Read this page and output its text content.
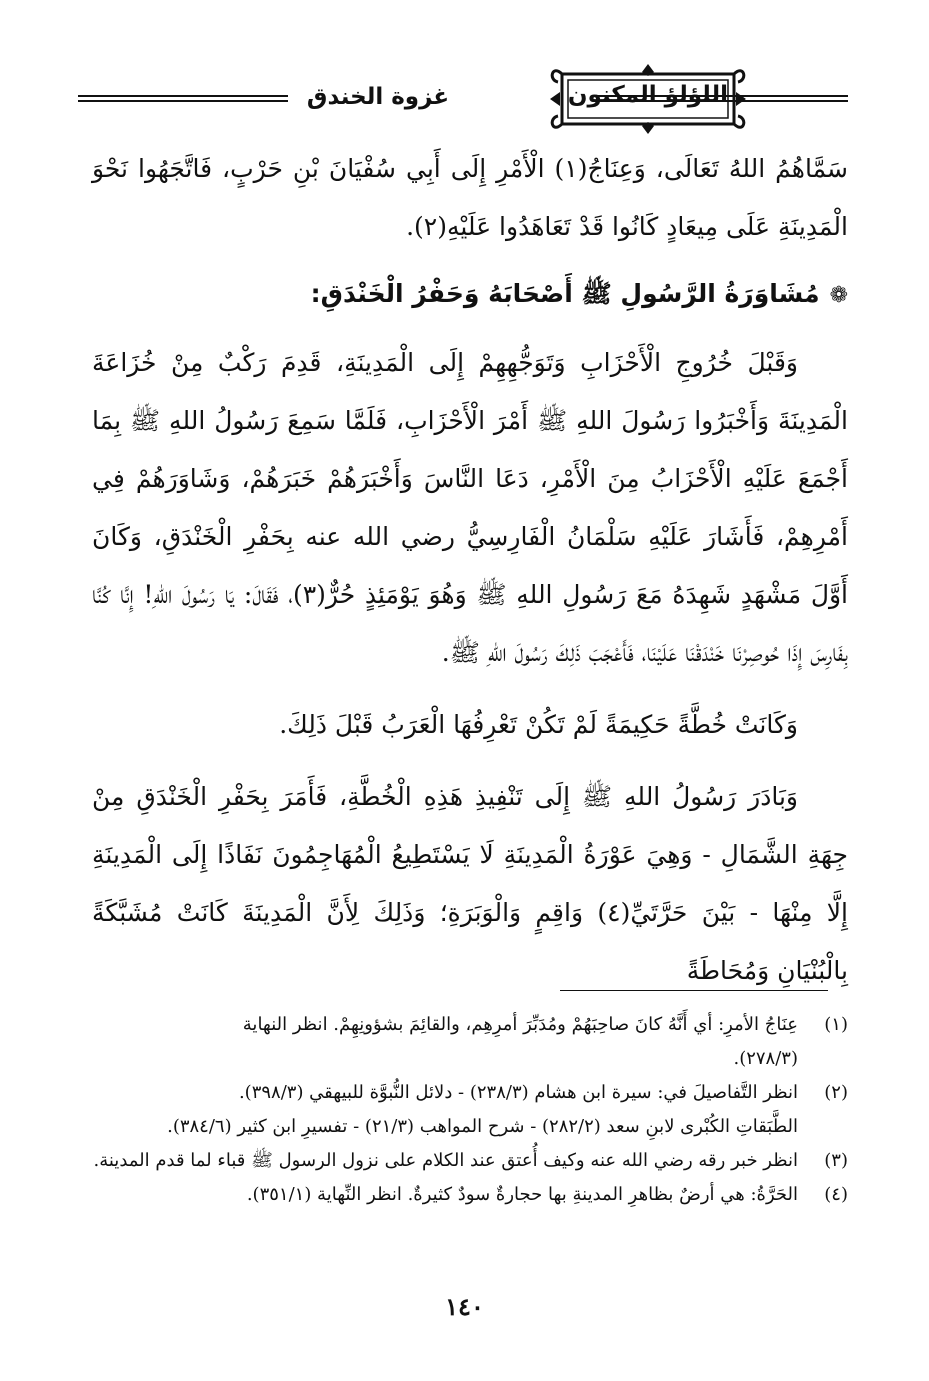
اللؤلؤ المكنون
غزوة الخندق

سَمَّاهُمُ اللهُ تَعَالَى، وَعِنَاجُ(١) الْأَمْرِ إِلَى أَبِي سُفْيَانَ بْنِ حَرْبٍ، فَاتَّجَهُوا نَحْوَ الْمَدِينَةِ عَلَى مِيعَادٍ كَانُوا قَدْ تَعَاهَدُوا عَلَيْهِ(٢).

❁مُشَاوَرَةُ الرَّسُولِ ﷺ أَصْحَابَهُ وَحَفْرُ الْخَنْدَقِ:

وَقَبْلَ خُرُوجِ الْأَحْزَابِ وَتَوَجُّهِهِمْ إِلَى الْمَدِينَةِ، قَدِمَ رَكْبٌ مِنْ خُزَاعَةَ الْمَدِينَةَ وَأَخْبَرُوا رَسُولَ اللهِ ﷺ أَمْرَ الْأَحْزَابِ، فَلَمَّا سَمِعَ رَسُولُ اللهِ ﷺ بِمَا أَجْمَعَ عَلَيْهِ الْأَحْزَابُ مِنَ الْأَمْرِ، دَعَا النَّاسَ وَأَخْبَرَهُمْ خَبَرَهُمْ، وَشَاوَرَهُمْ فِي أَمْرِهِمْ، فَأَشَارَ عَلَيْهِ سَلْمَانُ الْفَارِسِيُّ رضي الله عنه بِحَفْرِ الْخَنْدَقِ، وَكَانَ أَوَّلَ مَشْهَدٍ شَهِدَهُ مَعَ رَسُولِ اللهِ ﷺ وَهُوَ يَوْمَئِذٍ حُرٌّ(٣)، فَقَالَ: يَا رَسُولَ اللهِ! إِنَّا كُنَّا بِفَارِسَ إِذَا حُوصِرْنَا خَنْدَقْنَا عَلَيْنَا، فَأَعْجَبَ ذَلِكَ رَسُولَ اللهِ ﷺ.

وَكَانَتْ خُطَّةً حَكِيمَةً لَمْ تَكُنْ تَعْرِفُهَا الْعَرَبُ قَبْلَ ذَلِكَ.

وَبَادَرَ رَسُولُ اللهِ ﷺ إِلَى تَنْفِيذِ هَذِهِ الْخُطَّةِ، فَأَمَرَ بِحَفْرِ الْخَنْدَقِ مِنْ جِهَةِ الشَّمَالِ - وَهِيَ عَوْرَةُ الْمَدِينَةِ لَا يَسْتَطِيعُ الْمُهَاجِمُونَ نَفَاذًا إِلَى الْمَدِينَةِ إِلَّا مِنْهَا - بَيْنَ حَرَّتَيِّ(٤) وَاقِمٍ وَالْوَبَرَةِ؛ وَذَلِكَ لِأَنَّ الْمَدِينَةَ كَانَتْ مُشَبَّكَةً بِالْبُنْيَانِ وَمُحَاطَةً

(١)
عِنَاجُ الأمرِ: أي أَنَّهُ كانَ صاحِبَهُمْ ومُدَبِّرَ أمرِهِم، والقائِمَ بشؤونِهِمْ. انظر النهاية
(٢٧٨/٣).
(٢)
انظر التَّفاصيلَ في: سيرة ابن هشام (٢٣٨/٣) - دلائل النُّبوَّة للبيهقي (٣٩٨/٣).
الطَّبَقاتِ الكُبْرى لابنِ سعد (٢٨٢/٢) - شرح المواهب (٢١/٣) - تفسيرِ ابن كثير (٣٨٤/٦).
(٣)
انظر خبر رقه رضي الله عنه وكيف أُعتق عند الكلام على نزول الرسول ﷺ قباء لما قدم المدينة.
(٤)
الحَرَّةُ: هي أرضٌ بظاهرِ المدينةِ بها حجارةٌ سودٌ كثيرةٌ. انظر النِّهاية (٣٥١/١).
١٤٠
